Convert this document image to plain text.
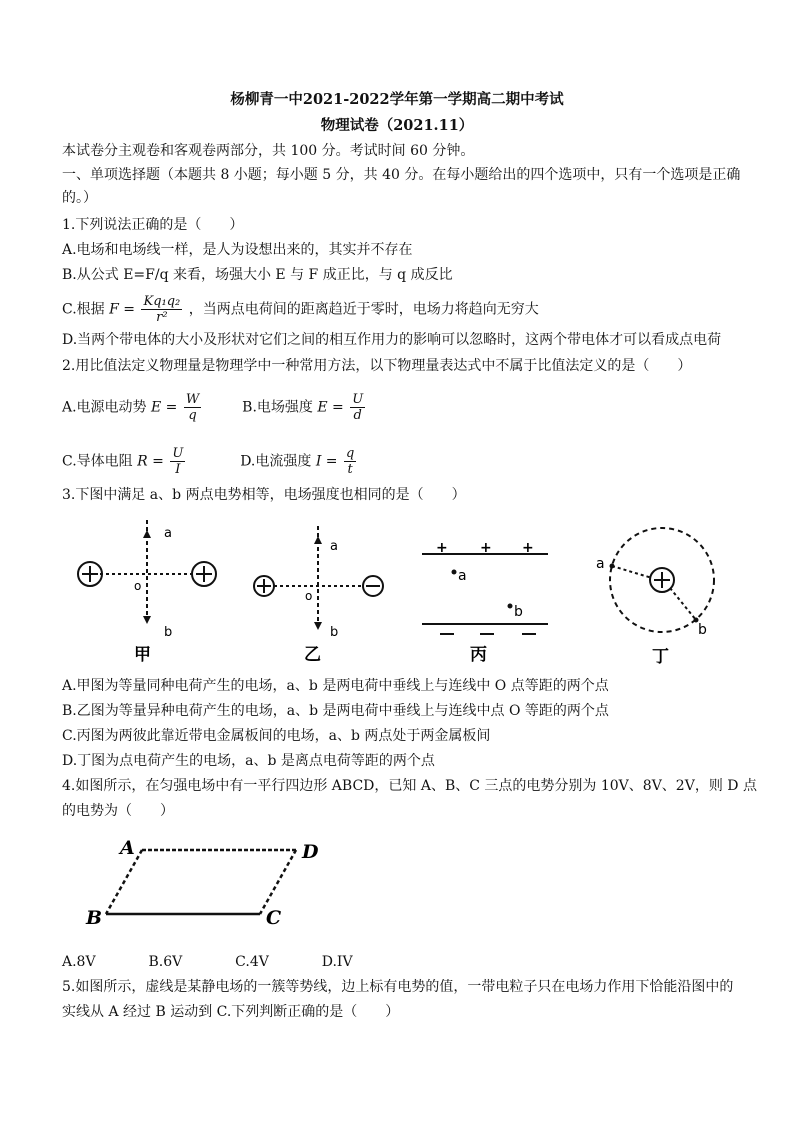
杨柳青一中2021-2022学年第一学期高二期中考试
物理试卷（2021.11）
本试卷分主观卷和客观卷两部分，共 100 分。考试时间 60 分钟。
一、单项选择题（本题共 8 小题；每小题 5 分，共 40 分。在每小题给出的四个选项中，只有一个选项是正确
的。）
1.下列说法正确的是（　　）
A.电场和电场线一样，是人为设想出来的，其实并不存在
B.从公式 E=F/q 来看，场强大小 E 与 F 成正比，与 q 成反比
C.根据 $F = \frac{\text{Kq₁q₂}}{\text{r²}}$ ，当两点电荷间的距离趋近于零时，电场力将趋向无穷大
D.当两个带电体的大小及形状对它们之间的相互作用力的影响可以忽略时，这两个带电体才可以看成点电荷
2.用比值法定义物理量是物理学中一种常用方法，以下物理量表达式中不属于比值法定义的是（　　）
A.电源电动势 $E = \frac{W}{q}$	B.电场强度 $E = \frac{U}{d}$
C.导体电阻 $R = \frac{U}{I}$	D.电流强度 $I = \frac{q}{t}$
3.下图中满足 a、b 两点电势相等，电场强度也相同的是（　　）
a
b
o
甲
a
b
o
乙
+ + +
a
b
丙
a
b
丁
A.甲图为等量同种电荷产生的电场，a、b 是两电荷中垂线上与连线中 O 点等距的两个点
B.乙图为等量异种电荷产生的电场，a、b 是两电荷中垂线上与连线中点 O 等距的两个点
C.丙图为两彼此靠近带电金属板间的电场，a、b 两点处于两金属板间
D.丁图为点电荷产生的电场，a、b 是离点电荷等距的两个点
4.如图所示，在匀强电场中有一平行四边形 ABCD，已知 A、B、C 三点的电势分别为 10V、8V、2V，则 D 点
的电势为（　　）
A	D
B	C
A.8V	B.6V	C.4V	D.IV
5.如图所示，虚线是某静电场的一簇等势线，边上标有电势的值，一带电粒子只在电场力作用下恰能沿图中的
实线从 A 经过 B 运动到 C.下列判断正确的是（　　）
